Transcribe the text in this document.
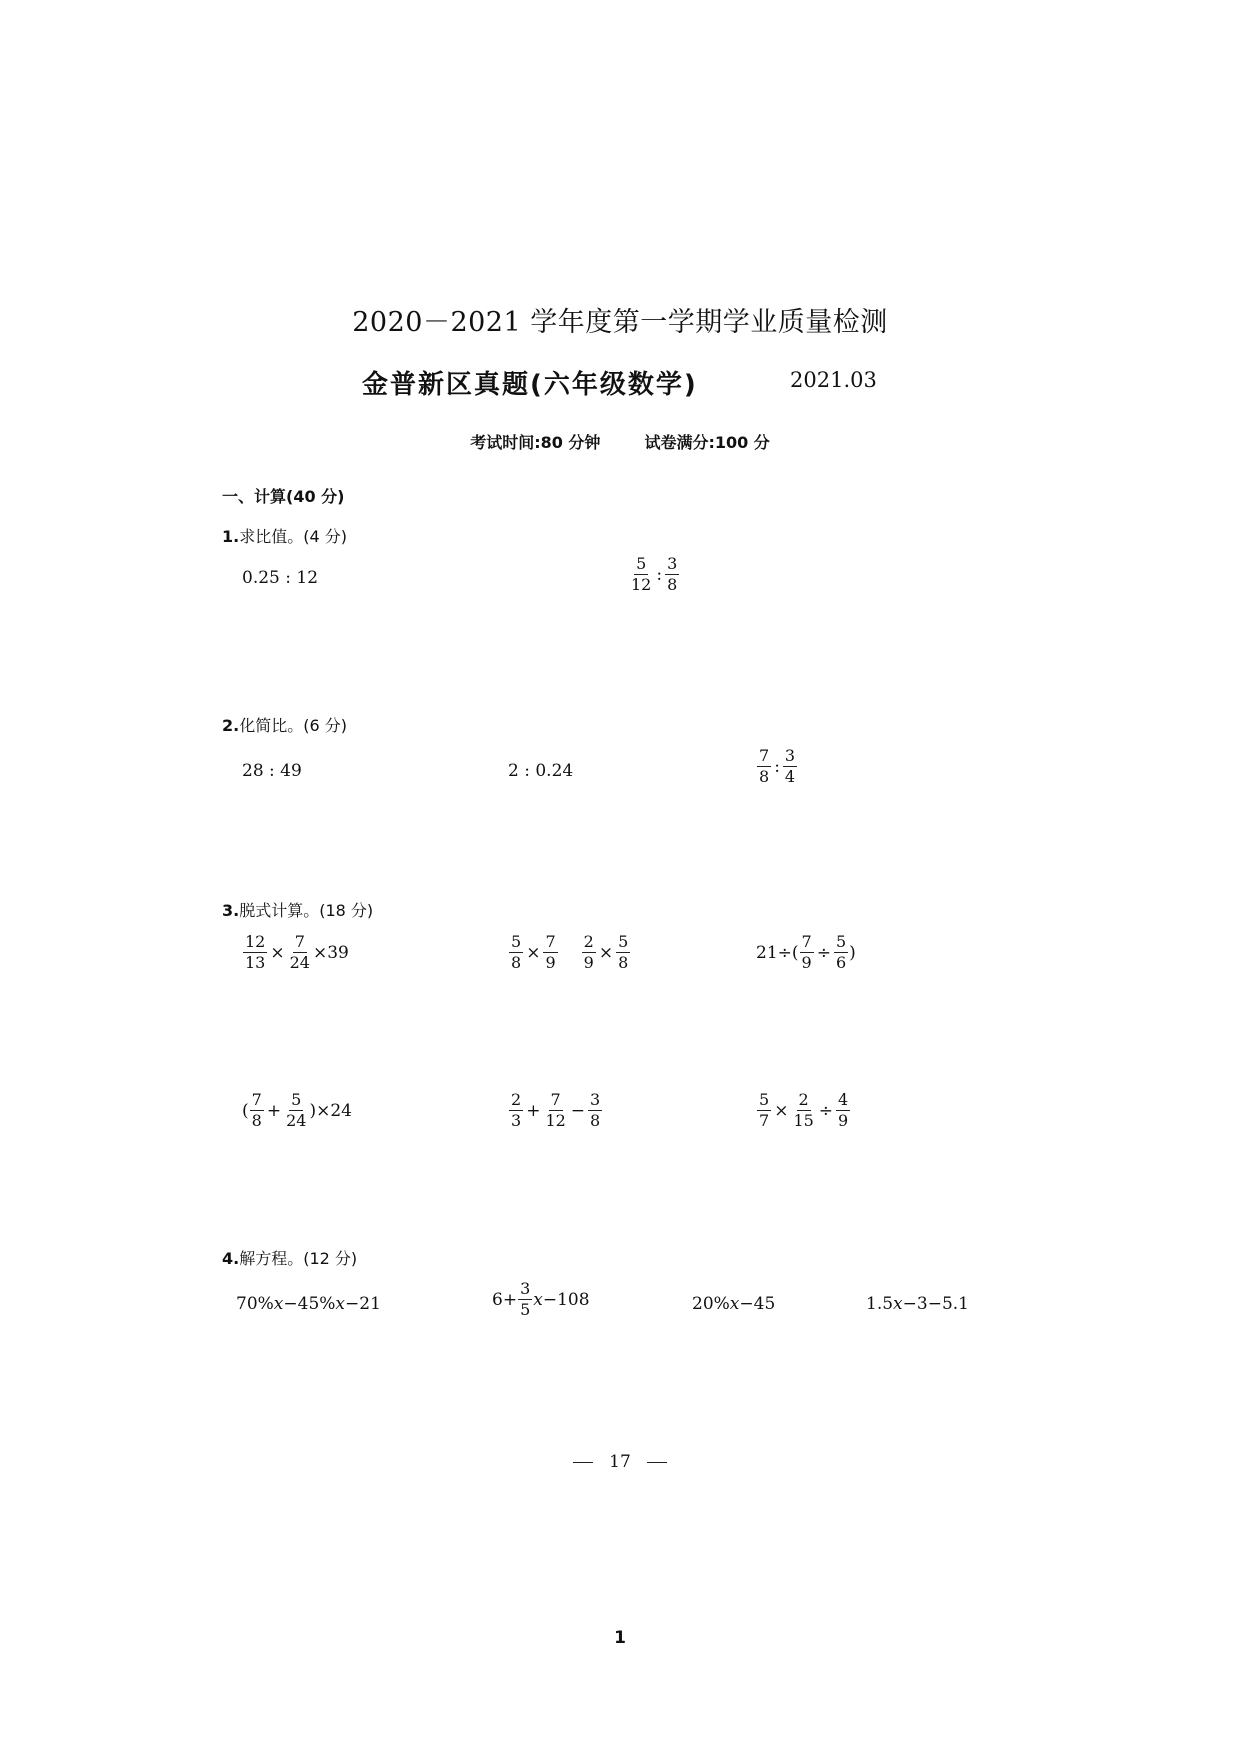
2020－2021 学年度第一学期学业质量检测
金普新区真题(六年级数学)	2021.03
考试时间:80 分钟	试卷满分:100 分
一、计算(40 分)
1.求比值。(4 分)
0.25 : 12	$\frac{5}{12}$ : $\frac{3}{8}$
2.化简比。(6 分)
28 : 49	2 : 0.24	$\frac{7}{8}$ : $\frac{3}{4}$
3.脱式计算。(18 分)
$\frac{12}{13} \times \frac{7}{24} \times 39$	$\frac{5}{8} \times \frac{7}{9} \frac{2}{9} \times \frac{5}{8}$	$21\div( \frac{7}{9} \div \frac{5}{6}$ )
( $\frac{7}{8} + \frac{5}{24} )\times 24$	$\frac{2}{3} + \frac{7}{12} - \frac{3}{8}$	$\frac{5}{7} \times \frac{2}{15} \div \frac{4}{9}$
4.解方程。(12 分)
70% x −45% x −21	$6+ \frac{3}{5}$ x −108	20% x −45	1.5 x −3−5.1
17
1
